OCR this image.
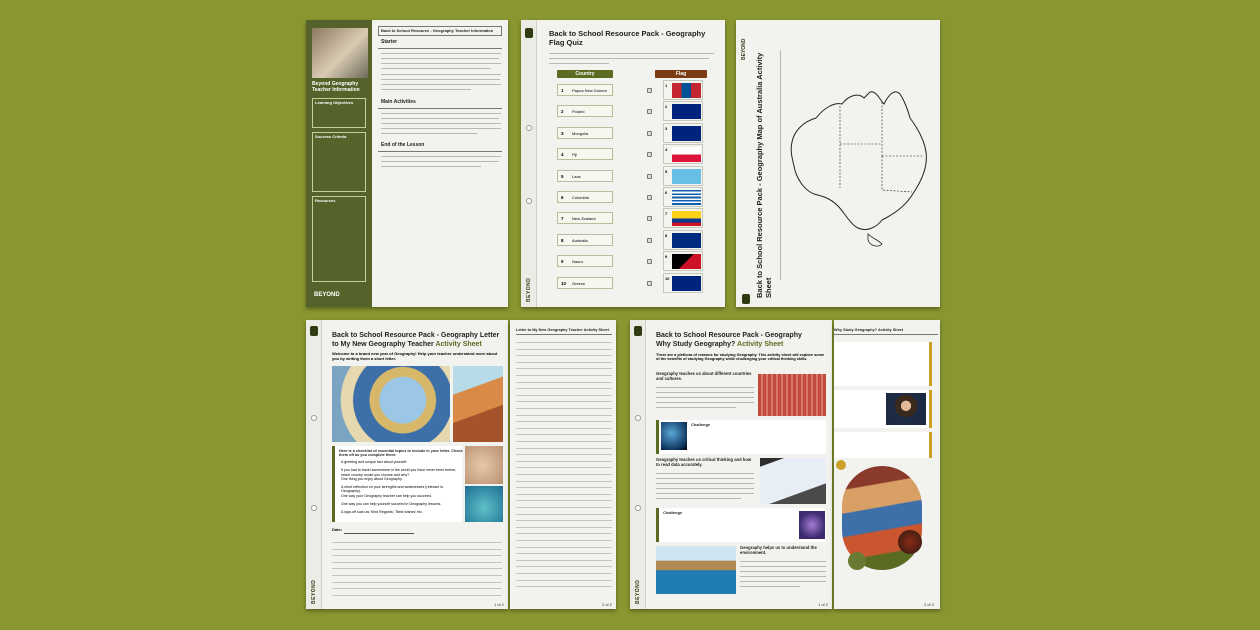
Beyond Geography Teacher Information
Learning Objectives
Success Criteria
Resources
BEYOND
Back to School Resource - Geography Teacher Information
Starter
Main Activities
End of the Lesson
BEYOND
Back to School Resource Pack - Geography Flag Quiz
Country	Flag
1 Papua New Guinea
2 Poland
3 Mongolia
4 Fiji
5 Laos
6 Colombia
7 New Zealand
8 Australia
9 Nauru
10 Greece
1
2
3
4
5
6
7
8
9
10
BEYOND
Back to School Resource Pack - Geography Map of Australia Activity Sheet
BEYOND
Back to School Resource Pack - Geography Letter
to My New Geography Teacher Activity Sheet
Welcome to a brand new year of Geography! Help your teacher understand more about you by writing them a short letter.
Here is a checklist of essential topics to include in your letter. Check them off as you complete them:
A greeting and unique fact about yourself.
If you had to travel somewhere in the world you have never been before, which country would you choose and why?
One thing you enjoy about Geography.
A short reflection on your strengths and weaknesses (relevant to Geography).
One way your Geography teacher can help you succeed.
One way you can help yourself succeed in Geography lessons.
A sign-off such as 'Kind Regards', 'Best wishes' etc.
Date:
1 of 2
Letter to My New Geography Teacher Activity Sheet
2 of 2
BEYOND
Back to School Resource Pack - Geography
Why Study Geography? Activity Sheet
There are a plethora of reasons for studying Geography. This activity sheet will explore some of the benefits of studying Geography while challenging your critical thinking skills.
Geography teaches us about different countries and cultures.
Challenge
Geography teaches us critical thinking and how to read data accurately.
Challenge
Geography helps us to understand the environment.
1 of 2
Why Study Geography? Activity Sheet
2 of 2
